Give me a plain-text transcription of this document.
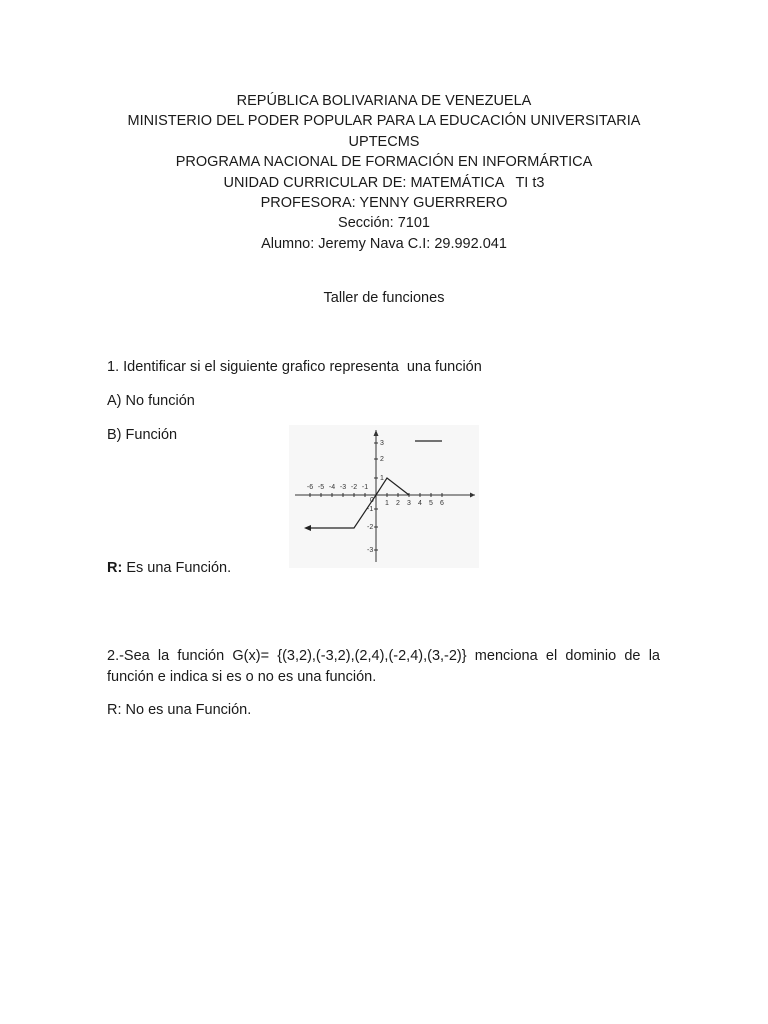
REPÚBLICA BOLIVARIANA DE VENEZUELA
MINISTERIO DEL PODER POPULAR PARA LA EDUCACIÓN UNIVERSITARIA
UPTECMS
PROGRAMA NACIONAL DE FORMACIÓN EN INFORMÁRTICA
UNIDAD CURRICULAR DE: MATEMÁTICA   TI t3
PROFESORA: YENNY GUERRRERO
Sección: 7101
Alumno: Jeremy Nava C.I: 29.992.041
Taller de funciones
1. Identificar si el siguiente grafico representa  una función
A) No función
B) Función
R: Es una Función.
-6 -5 -4 -3 -2 -1
1 2 3 4 5 6
1
2
3
-1
-2
-3
0
2.-Sea la función G(x)= {(3,2),(-3,2),(2,4),(-2,4),(3,-2)} menciona el dominio de la función e indica si es o no es una función.
R: No es una Función.
